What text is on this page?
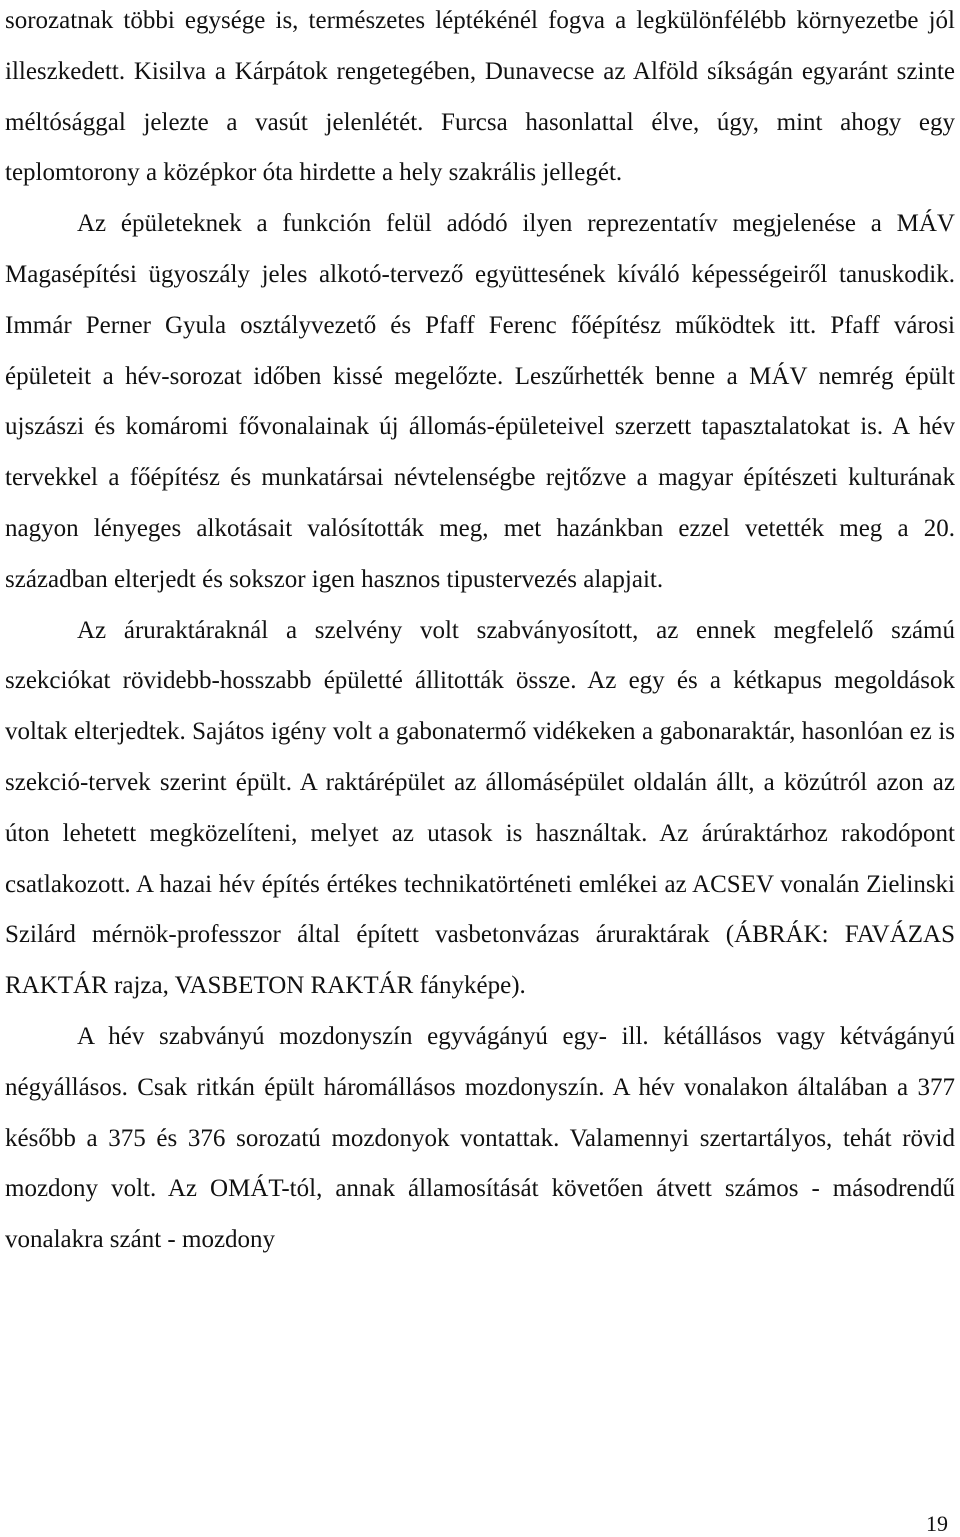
sorozatnak többi egysége is, természetes léptékénél fogva a legkülönfélébb környezetbe jól illeszkedett. Kisilva a Kárpátok rengetegében, Dunavecse az Alföld síkságán egyaránt szinte méltósággal jelezte a vasút jelenlétét. Furcsa hasonlattal élve, úgy, mint ahogy egy teplomtorony a középkor óta hirdette a hely szakrális jellegét.

Az épületeknek a funkción felül adódó ilyen reprezentatív megjelenése a MÁV Magasépítési ügyoszály jeles alkotó-tervező együttesének kíváló képességeiről tanuskodik. Immár Perner Gyula osztályvezető és Pfaff Ferenc főépítész működtek itt. Pfaff városi épületeit a hév-sorozat időben kissé megelőzte. Leszűrhették benne a MÁV nemrég épült ujszászi és komáromi fővonalainak új állomás-épületeivel szerzett tapasztalatokat is. A hév tervekkel a főépítész és munkatársai névtelenségbe rejtőzve a magyar építészeti kulturának nagyon lényeges alkotásait valósították meg, met hazánkban ezzel vetették meg a 20. században elterjedt és sokszor igen hasznos tipustervezés alapjait.

Az áruraktáraknál a szelvény volt szabványosított, az ennek megfelelő számú szekciókat rövidebb-hosszabb épületté állitották össze. Az egy és a kétkapus megoldások voltak elterjedtek. Sajátos igény volt a gabonatermő vidékeken a gabonaraktár, hasonlóan ez is szekció-tervek szerint épült. A raktárépület az állomásépület oldalán állt, a közútról azon az úton lehetett megközelíteni, melyet az utasok is használtak. Az árúraktárhoz rakodópont csatlakozott. A hazai hév építés értékes technikatörténeti emlékei az ACSEV vonalán Zielinski Szilárd mérnök-professzor által épített vasbetonvázas áruraktárak (ÁBRÁK: FAVÁZAS RAKTÁR rajza, VASBETON RAKTÁR fányképe).

A hév szabványú mozdonyszín egyvágányú egy- ill. kétállásos vagy kétvágányú négyállásos. Csak ritkán épült háromállásos mozdonyszín. A hév vonalakon általában a 377 később a 375 és 376 sorozatú mozdonyok vontattak. Valamennyi szertartályos, tehát rövid mozdony volt. Az OMÁT-tól, annak államosítását követően átvett számos - másodrendű vonalakra szánt - mozdony

19
